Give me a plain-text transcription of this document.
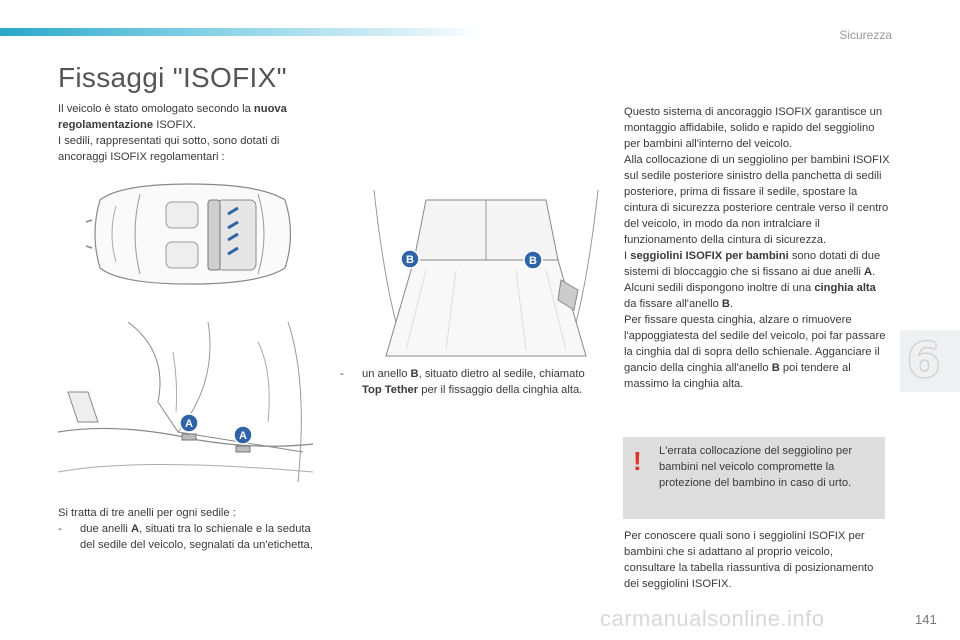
Sicurezza
Fissaggi "ISOFIX"
Il veicolo è stato omologato secondo la nuova regolamentazione ISOFIX.
I sedili, rappresentati qui sotto, sono dotati di ancoraggi ISOFIX regolamentari :
A
A
Si tratta di tre anelli per ogni sedile :
-	due anelli A, situati tra lo schienale e la seduta del sedile del veicolo, segnalati da un'etichetta,
B	B
-	un anello B, situato dietro al sedile, chiamato Top Tether per il fissaggio della cinghia alta.
Questo sistema di ancoraggio ISOFIX garantisce un montaggio affidabile, solido e rapido del seggiolino per bambini all'interno del veicolo.
Alla collocazione di un seggiolino per bambini ISOFIX sul sedile posteriore sinistro della panchetta di sedili posteriore, prima di fissare il sedile, spostare la cintura di sicurezza posteriore centrale verso il centro del veicolo, in modo da non intralciare il funzionamento della cintura di sicurezza.
I seggiolini ISOFIX per bambini sono dotati di due sistemi di bloccaggio che si fissano ai due anelli A.
Alcuni sedili dispongono inoltre di una cinghia alta da fissare all'anello B.
Per fissare questa cinghia, alzare o rimuovere l'appoggiatesta del sedile del veicolo, poi far passare la cinghia dal di sopra dello schienale. Agganciare il gancio della cinghia all'anello B poi tendere al massimo la cinghia alta.
! L'errata collocazione del seggiolino per bambini nel veicolo compromette la protezione del bambino in caso di urto.
Per conoscere quali sono i seggiolini ISOFIX per bambini che si adattano al proprio veicolo, consultare la tabella riassuntiva di posizionamento dei seggiolini ISOFIX.
6
carmanualsonline.info	141
